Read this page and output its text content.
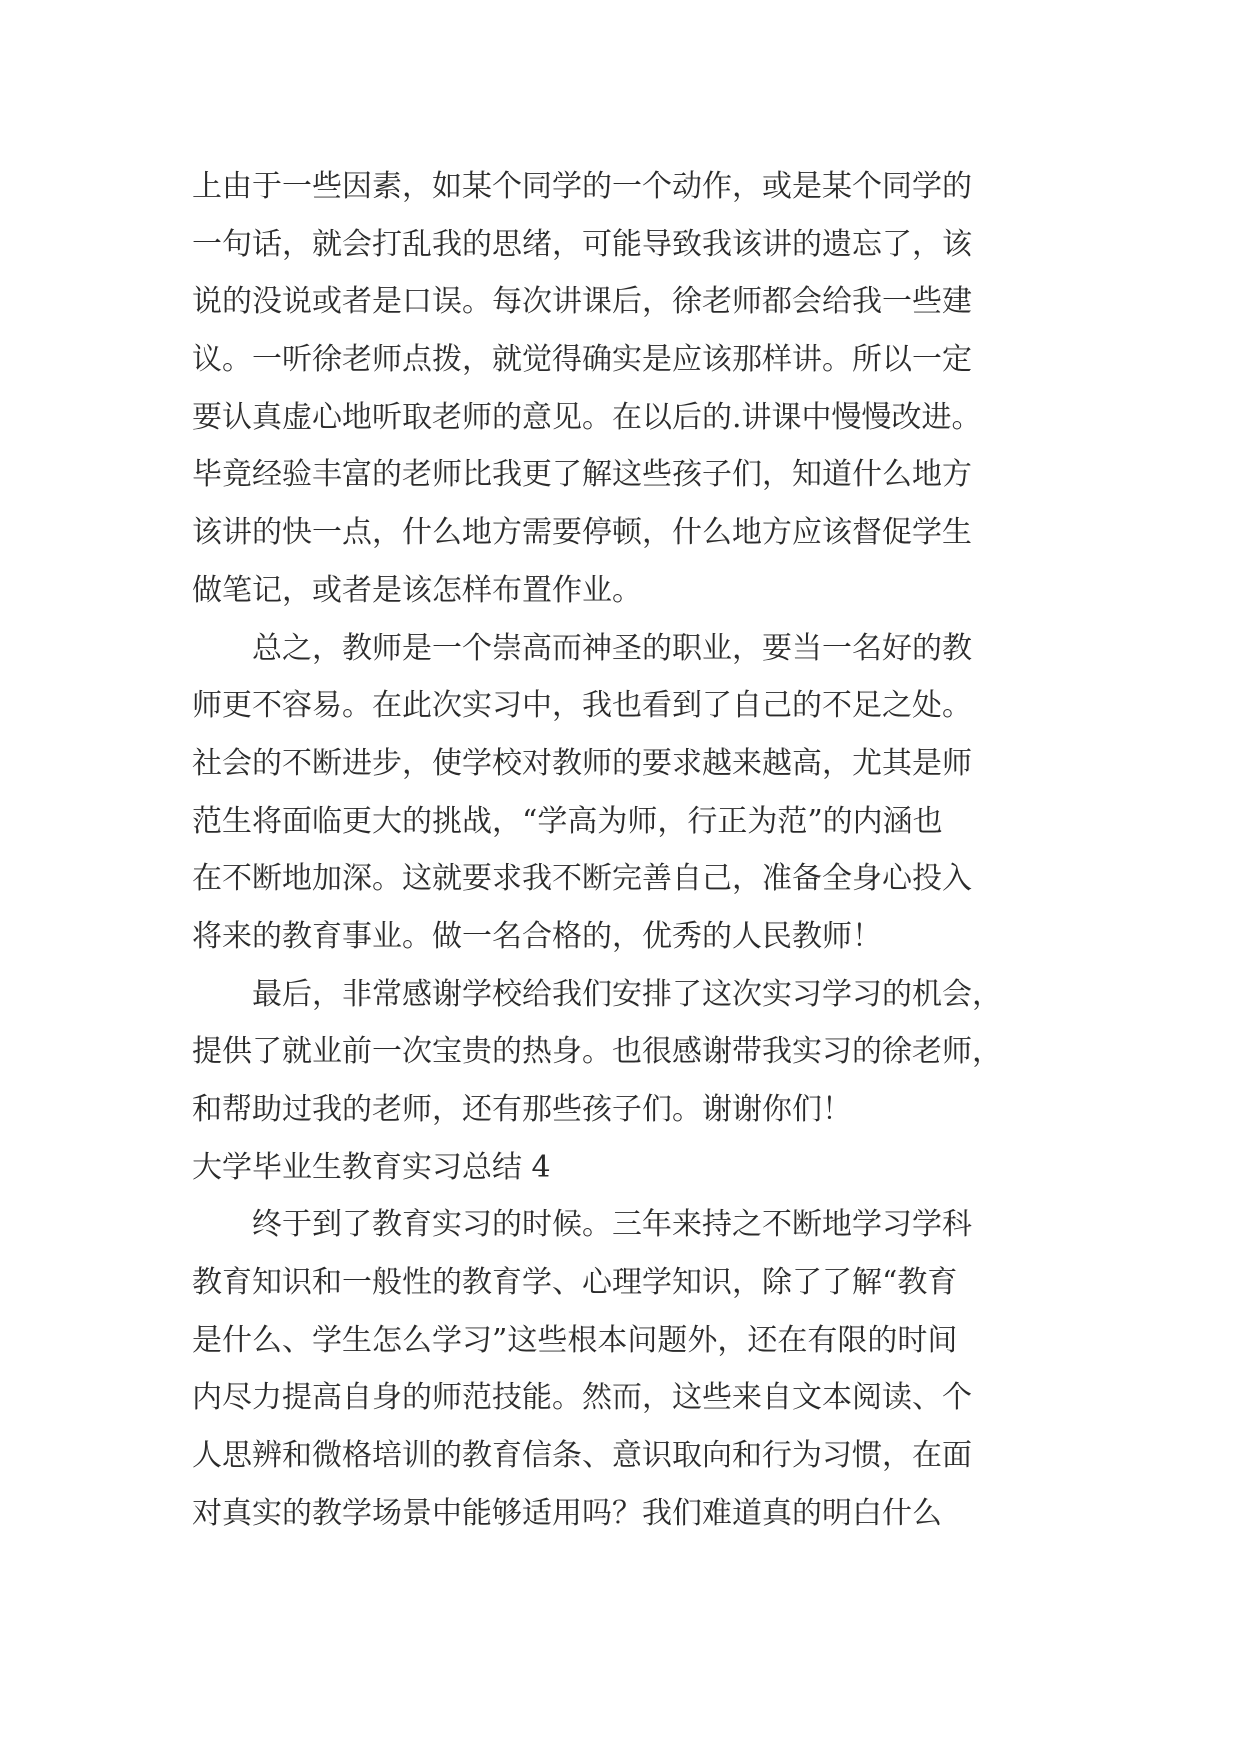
上由于一些因素，如某个同学的一个动作，或是某个同学的
一句话，就会打乱我的思绪，可能导致我该讲的遗忘了，该
说的没说或者是口误。每次讲课后，徐老师都会给我一些建
议。一听徐老师点拨，就觉得确实是应该那样讲。所以一定
要认真虚心地听取老师的意见。在以后的.讲课中慢慢改进。
毕竟经验丰富的老师比我更了解这些孩子们，知道什么地方
该讲的快一点，什么地方需要停顿，什么地方应该督促学生
做笔记，或者是该怎样布置作业。
总之，教师是一个崇高而神圣的职业，要当一名好的教
师更不容易。在此次实习中，我也看到了自己的不足之处。
社会的不断进步，使学校对教师的要求越来越高，尤其是师
范生将面临更大的挑战，“学高为师，行正为范”的内涵也
在不断地加深。这就要求我不断完善自己，准备全身心投入
将来的教育事业。做一名合格的，优秀的人民教师！
最后，非常感谢学校给我们安排了这次实习学习的机会，
提供了就业前一次宝贵的热身。也很感谢带我实习的徐老师，
和帮助过我的老师，还有那些孩子们。谢谢你们！
大学毕业生教育实习总结 4
终于到了教育实习的时候。三年来持之不断地学习学科
教育知识和一般性的教育学、心理学知识，除了了解“教育
是什么、学生怎么学习”这些根本问题外，还在有限的时间
内尽力提高自身的师范技能。然而，这些来自文本阅读、个
人思辨和微格培训的教育信条、意识取向和行为习惯，在面
对真实的教学场景中能够适用吗？我们难道真的明白什么
